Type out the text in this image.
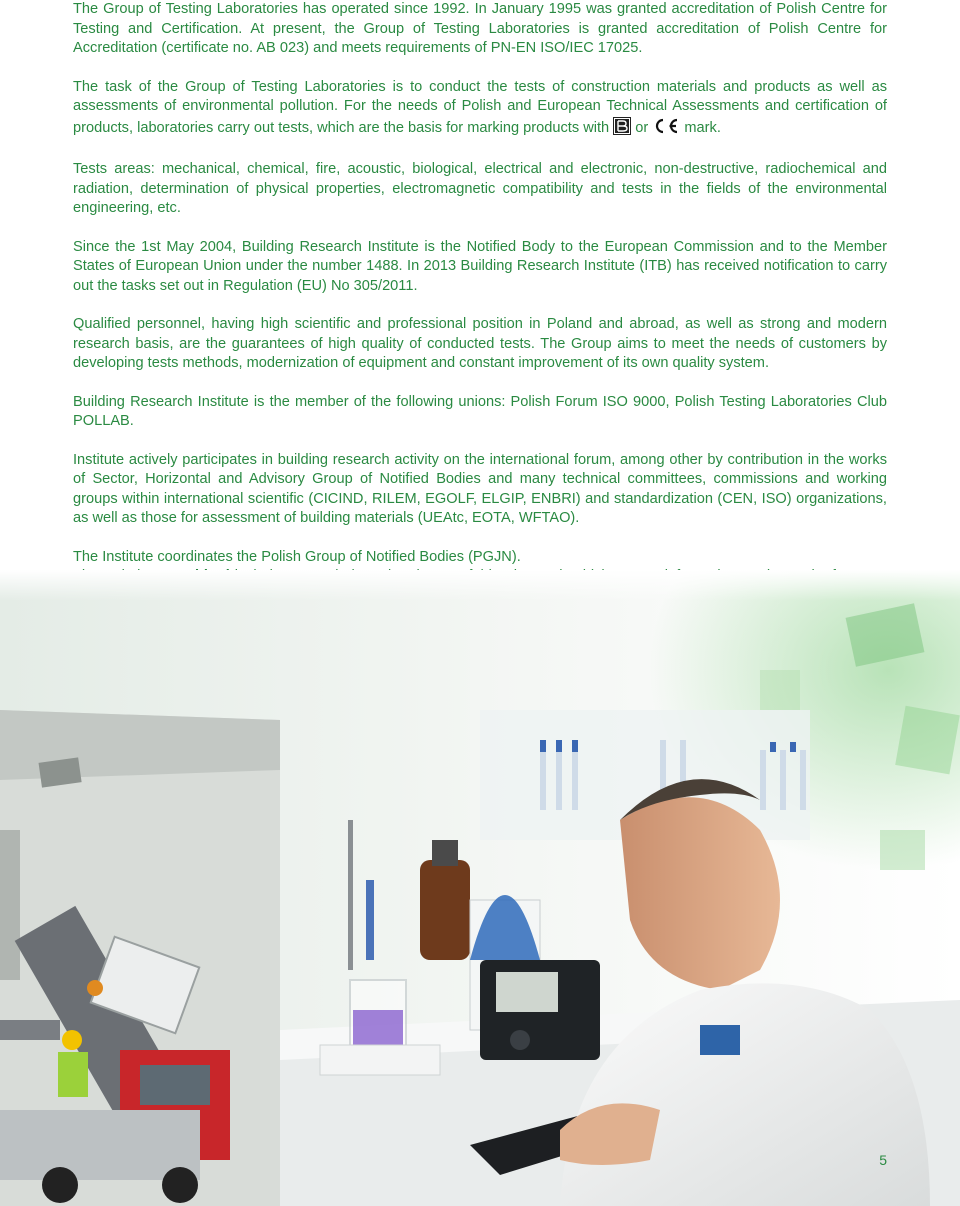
The Group of Testing Laboratories has operated since 1992. In January 1995 was granted accreditation of Polish Centre for Testing and Certification. At present, the Group of Testing Laboratories is granted accreditation of Polish Centre for Accreditation (certificate no. AB 023) and meets requirements of PN-EN ISO/IEC 17025.

The task of the Group of Testing Laboratories is to conduct the tests of construction materials and products as well as assessments of environmental pollution. For the needs of Polish and European Technical Assessments and certification of products, laboratories carry out tests, which are the basis for marking products with or mark.

Tests areas: mechanical, chemical, fire, acoustic, biological, electrical and electronic, non-destructive, radiochemical and radiation, determination of physical properties, electromagnetic compatibility and tests in the fields of the environmental engineering, etc.

Since the 1st May 2004, Building Research Institute is the Notified Body to the European Commission and to the Member States of European Union under the number 1488. In 2013 Building Research Institute (ITB) has received notification to carry out the tasks set out in Regulation (EU) No 305/2011.

Qualified personnel, having high scientific and professional position in Poland and abroad, as well as strong and modern research basis, are the guarantees of high quality of conducted tests. The Group aims to meet the needs of customers by developing tests methods, modernization of equipment and constant improvement of its own quality system.

Building Research Institute is the member of the following unions: Polish Forum ISO 9000, Polish Testing Laboratories Club POLLAB.

Institute actively participates in building research activity on the international forum, among other by contribution in the works of Sector, Horizontal and Advisory Group of Notified Bodies and many technical committees, commissions and working groups within international scientific (CICIND, RILEM, EGOLF, ELGIP, ENBRI) and standardization (CEN, ISO) organizations, as well as those for assessment of building materials (UEAtc, EOTA, WFTAO).

The Institute coordinates the Polish Group of Notified Bodies (PGJN).

5
